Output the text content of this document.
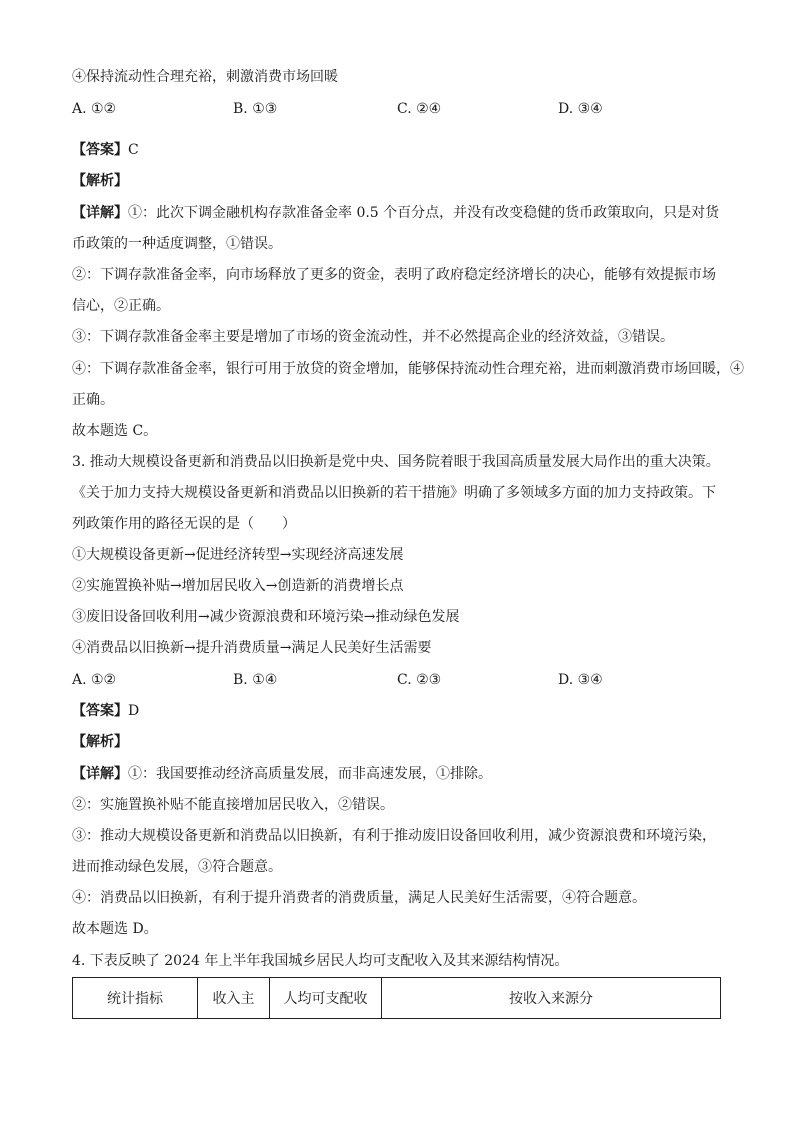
④保持流动性合理充裕，刺激消费市场回暖
A. ①②	B. ①③	C. ②④	D. ③④
【答案】C
【解析】
【详解】①：此次下调金融机构存款准备金率 0.5 个百分点，并没有改变稳健的货币政策取向，只是对货
币政策的一种适度调整，①错误。
②：下调存款准备金率，向市场释放了更多的资金，表明了政府稳定经济增长的决心，能够有效提振市场
信心，②正确。
③：下调存款准备金率主要是增加了市场的资金流动性，并不必然提高企业的经济效益，③错误。
④：下调存款准备金率，银行可用于放贷的资金增加，能够保持流动性合理充裕，进而刺激消费市场回暖，④
正确。
故本题选 C。
3. 推动大规模设备更新和消费品以旧换新是党中央、国务院着眼于我国高质量发展大局作出的重大决策。
《关于加力支持大规模设备更新和消费品以旧换新的若干措施》明确了多领域多方面的加力支持政策。下
列政策作用的路径无误的是（　　）
①大规模设备更新→促进经济转型→实现经济高速发展
②实施置换补贴→增加居民收入→创造新的消费增长点
③废旧设备回收利用→减少资源浪费和环境污染→推动绿色发展
④消费品以旧换新→提升消费质量→满足人民美好生活需要
A. ①②	B. ①④	C. ②③	D. ③④
【答案】D
【解析】
【详解】①：我国要推动经济高质量发展，而非高速发展，①排除。
②：实施置换补贴不能直接增加居民收入，②错误。
③：推动大规模设备更新和消费品以旧换新，有利于推动废旧设备回收利用，减少资源浪费和环境污染，
进而推动绿色发展，③符合题意。
④：消费品以旧换新，有利于提升消费者的消费质量，满足人民美好生活需要，④符合题意。
故本题选 D。
4. 下表反映了 2024 年上半年我国城乡居民人均可支配收入及其来源结构情况。
统计指标	收入主	人均可支配收	按收入来源分
